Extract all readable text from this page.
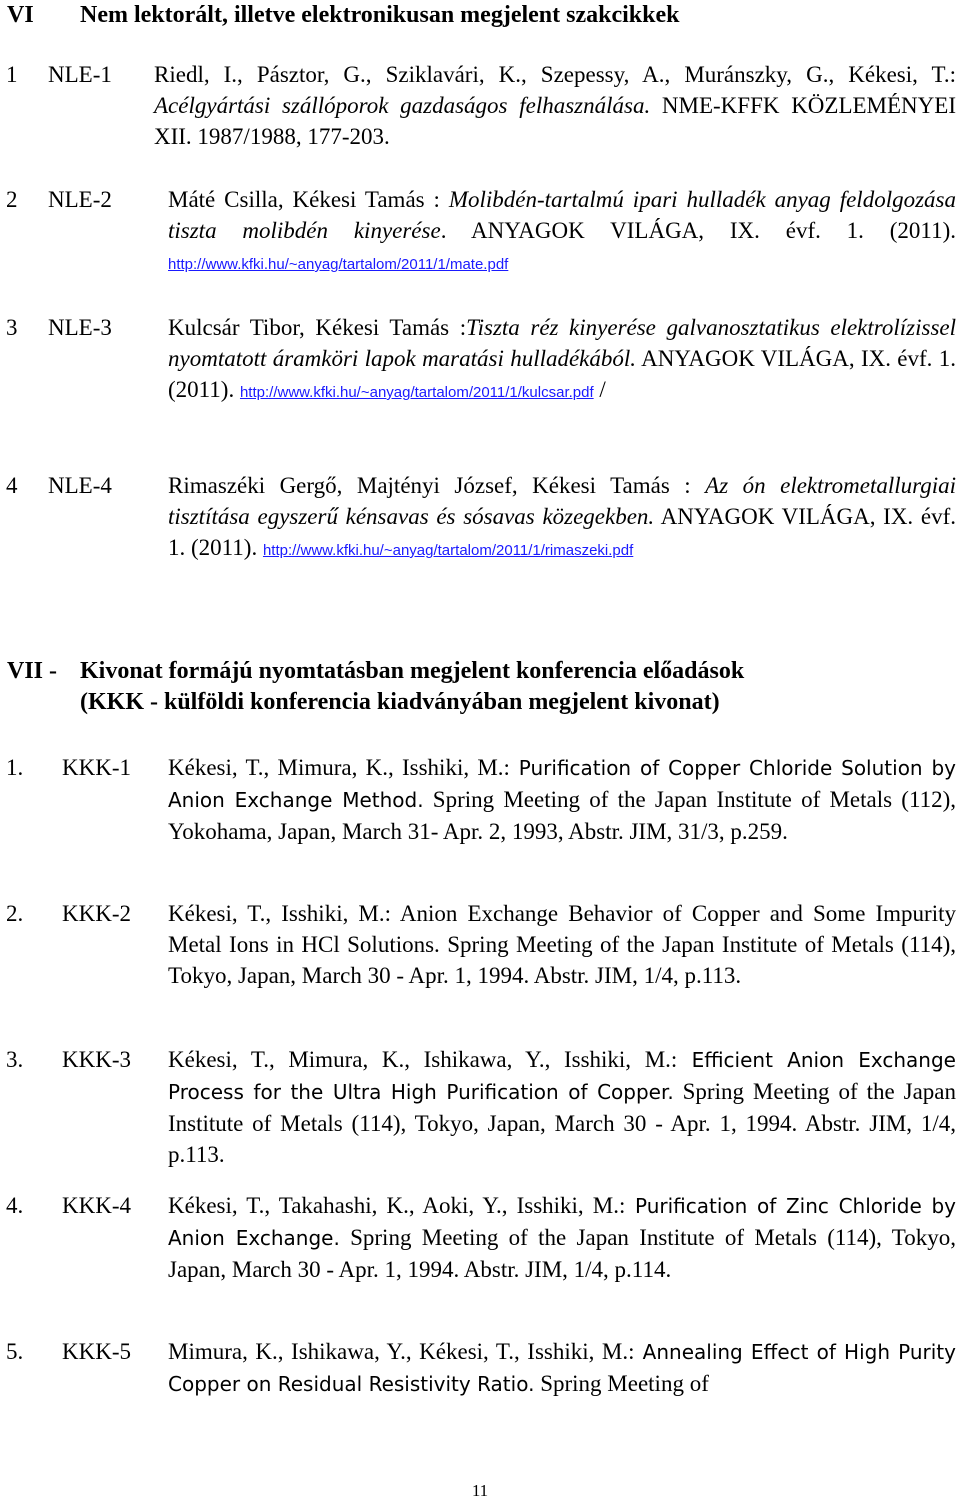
VI Nem lektorált, illetve elektronikusan megjelent szakcikkek
1 NLE-1 Riedl, I., Pásztor, G., Sziklavári, K., Szepessy, A., Muránszky, G., Kékesi, T.: Acélgyártási szállóporok gazdaságos felhasználása. NME-KFFK KÖZLEMÉNYEI XII. 1987/1988, 177-203.
2 NLE-2 Máté Csilla, Kékesi Tamás : Molibdén-tartalmú ipari hulladék anyag feldolgozása tiszta molibdén kinyerése. ANYAGOK VILÁGA, IX. évf. 1. (2011). http://www.kfki.hu/~anyag/tartalom/2011/1/mate.pdf
3 NLE-3 Kulcsár Tibor, Kékesi Tamás :Tiszta réz kinyerése galvanosztatikus elektrolízissel nyomtatott áramköri lapok maratási hulladékából. ANYAGOK VILÁGA, IX. évf. 1. (2011). http://www.kfki.hu/~anyag/tartalom/2011/1/kulcsar.pdf /
4 NLE-4 Rimaszéki Gergő, Majtényi József, Kékesi Tamás : Az ón elektrometallurgiai tisztítása egyszerű kénsavas és sósavas közegekben. ANYAGOK VILÁGA, IX. évf. 1. (2011). http://www.kfki.hu/~anyag/tartalom/2011/1/rimaszeki.pdf
VII - Kivonat formájú nyomtatásban megjelent konferencia előadások
(KKK - külföldi konferencia kiadványában megjelent kivonat)
1. KKK-1 Kékesi, T., Mimura, K., Isshiki, M.: Purification of Copper Chloride Solution by Anion Exchange Method. Spring Meeting of the Japan Institute of Metals (112), Yokohama, Japan, March 31- Apr. 2, 1993, Abstr. JIM, 31/3, p.259.
2. KKK-2 Kékesi, T., Isshiki, M.: Anion Exchange Behavior of Copper and Some Impurity Metal Ions in HCl Solutions. Spring Meeting of the Japan Institute of Metals (114), Tokyo, Japan, March 30 - Apr. 1, 1994. Abstr. JIM, 1/4, p.113.
3. KKK-3 Kékesi, T., Mimura, K., Ishikawa, Y., Isshiki, M.: Efficient Anion Exchange Process for the Ultra High Purification of Copper. Spring Meeting of the Japan Institute of Metals (114), Tokyo, Japan, March 30 - Apr. 1, 1994. Abstr. JIM, 1/4, p.113.
4. KKK-4 Kékesi, T., Takahashi, K., Aoki, Y., Isshiki, M.: Purification of Zinc Chloride by Anion Exchange. Spring Meeting of the Japan Institute of Metals (114), Tokyo, Japan, March 30 - Apr. 1, 1994. Abstr. JIM, 1/4, p.114.
5. KKK-5 Mimura, K., Ishikawa, Y., Kékesi, T., Isshiki, M.: Annealing Effect of High Purity Copper on Residual Resistivity Ratio. Spring Meeting of
11
